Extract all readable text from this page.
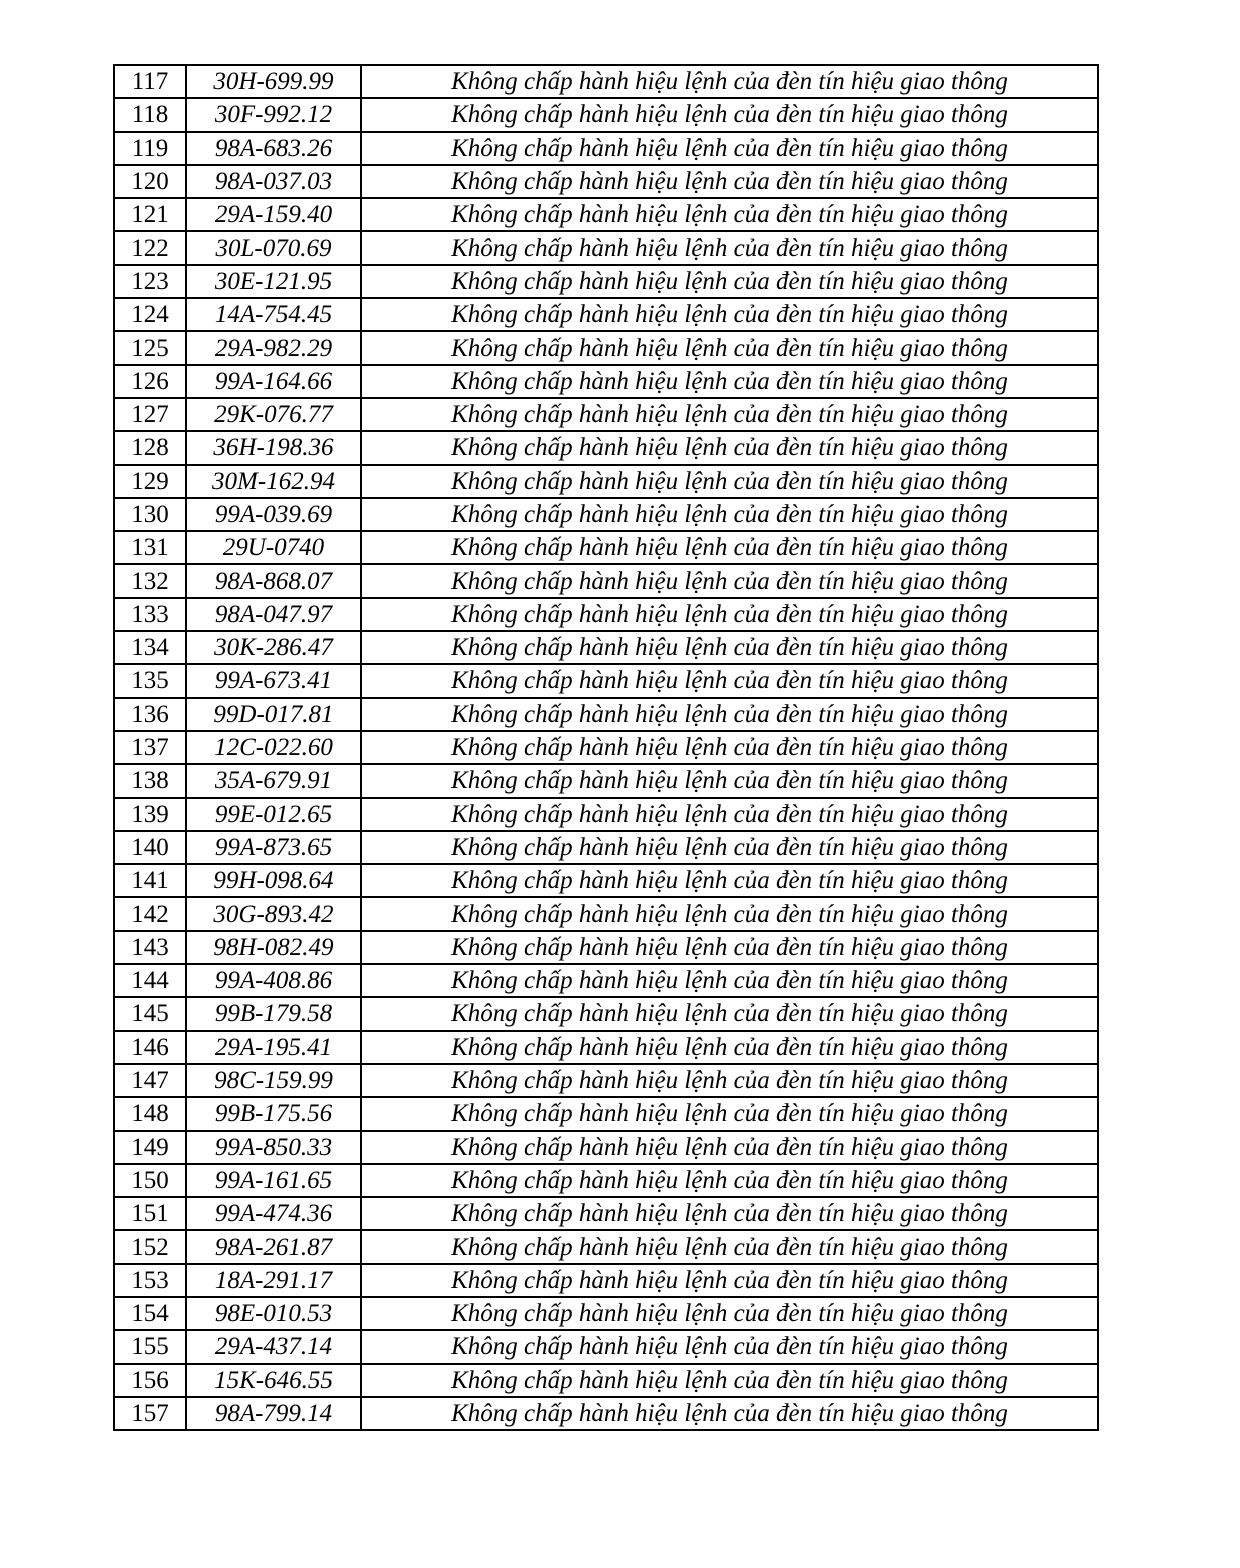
117	30H-699.99	Không chấp hành hiệu lệnh của đèn tín hiệu giao thông
118	30F-992.12	Không chấp hành hiệu lệnh của đèn tín hiệu giao thông
119	98A-683.26	Không chấp hành hiệu lệnh của đèn tín hiệu giao thông
120	98A-037.03	Không chấp hành hiệu lệnh của đèn tín hiệu giao thông
121	29A-159.40	Không chấp hành hiệu lệnh của đèn tín hiệu giao thông
122	30L-070.69	Không chấp hành hiệu lệnh của đèn tín hiệu giao thông
123	30E-121.95	Không chấp hành hiệu lệnh của đèn tín hiệu giao thông
124	14A-754.45	Không chấp hành hiệu lệnh của đèn tín hiệu giao thông
125	29A-982.29	Không chấp hành hiệu lệnh của đèn tín hiệu giao thông
126	99A-164.66	Không chấp hành hiệu lệnh của đèn tín hiệu giao thông
127	29K-076.77	Không chấp hành hiệu lệnh của đèn tín hiệu giao thông
128	36H-198.36	Không chấp hành hiệu lệnh của đèn tín hiệu giao thông
129	30M-162.94	Không chấp hành hiệu lệnh của đèn tín hiệu giao thông
130	99A-039.69	Không chấp hành hiệu lệnh của đèn tín hiệu giao thông
131	29U-0740	Không chấp hành hiệu lệnh của đèn tín hiệu giao thông
132	98A-868.07	Không chấp hành hiệu lệnh của đèn tín hiệu giao thông
133	98A-047.97	Không chấp hành hiệu lệnh của đèn tín hiệu giao thông
134	30K-286.47	Không chấp hành hiệu lệnh của đèn tín hiệu giao thông
135	99A-673.41	Không chấp hành hiệu lệnh của đèn tín hiệu giao thông
136	99D-017.81	Không chấp hành hiệu lệnh của đèn tín hiệu giao thông
137	12C-022.60	Không chấp hành hiệu lệnh của đèn tín hiệu giao thông
138	35A-679.91	Không chấp hành hiệu lệnh của đèn tín hiệu giao thông
139	99E-012.65	Không chấp hành hiệu lệnh của đèn tín hiệu giao thông
140	99A-873.65	Không chấp hành hiệu lệnh của đèn tín hiệu giao thông
141	99H-098.64	Không chấp hành hiệu lệnh của đèn tín hiệu giao thông
142	30G-893.42	Không chấp hành hiệu lệnh của đèn tín hiệu giao thông
143	98H-082.49	Không chấp hành hiệu lệnh của đèn tín hiệu giao thông
144	99A-408.86	Không chấp hành hiệu lệnh của đèn tín hiệu giao thông
145	99B-179.58	Không chấp hành hiệu lệnh của đèn tín hiệu giao thông
146	29A-195.41	Không chấp hành hiệu lệnh của đèn tín hiệu giao thông
147	98C-159.99	Không chấp hành hiệu lệnh của đèn tín hiệu giao thông
148	99B-175.56	Không chấp hành hiệu lệnh của đèn tín hiệu giao thông
149	99A-850.33	Không chấp hành hiệu lệnh của đèn tín hiệu giao thông
150	99A-161.65	Không chấp hành hiệu lệnh của đèn tín hiệu giao thông
151	99A-474.36	Không chấp hành hiệu lệnh của đèn tín hiệu giao thông
152	98A-261.87	Không chấp hành hiệu lệnh của đèn tín hiệu giao thông
153	18A-291.17	Không chấp hành hiệu lệnh của đèn tín hiệu giao thông
154	98E-010.53	Không chấp hành hiệu lệnh của đèn tín hiệu giao thông
155	29A-437.14	Không chấp hành hiệu lệnh của đèn tín hiệu giao thông
156	15K-646.55	Không chấp hành hiệu lệnh của đèn tín hiệu giao thông
157	98A-799.14	Không chấp hành hiệu lệnh của đèn tín hiệu giao thông
